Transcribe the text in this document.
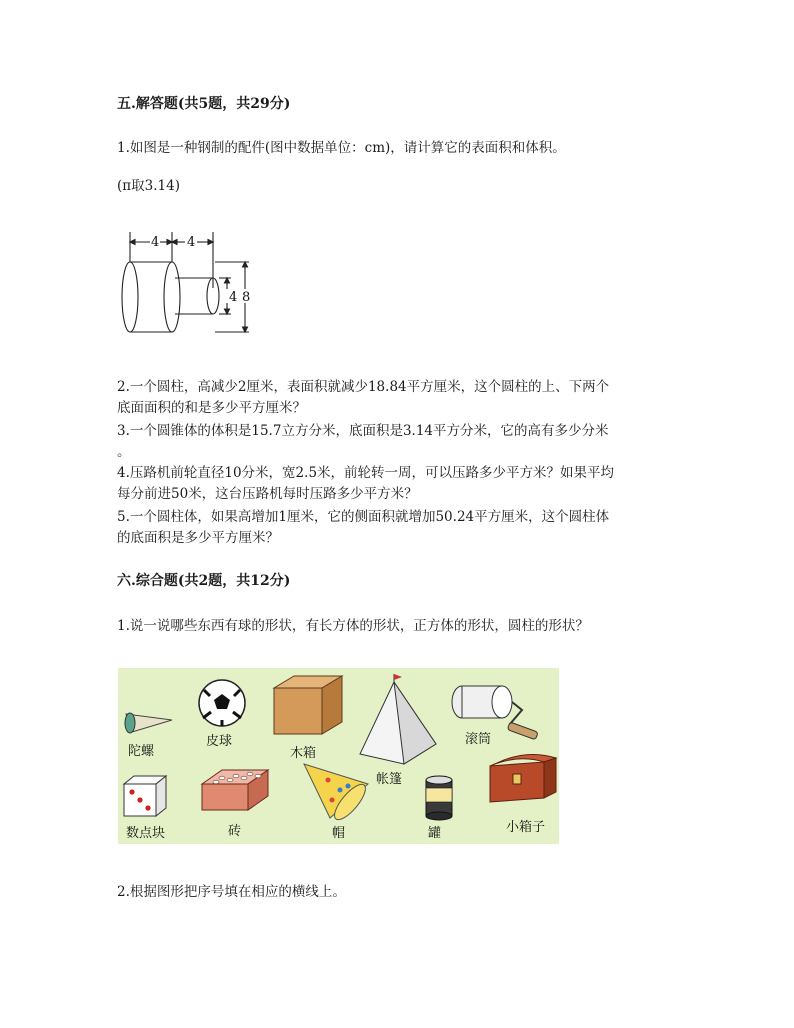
五.解答题(共5题，共29分)
1.如图是一种钢制的配件(图中数据单位：cm)，请计算它的表面积和体积。
(π取3.14)
4 4
4 8
2.一个圆柱，高减少2厘米，表面积就减少18.84平方厘米，这个圆柱的上、下两个
底面面积的和是多少平方厘米？
3.一个圆锥体的体积是15.7立方分米，底面积是3.14平方分米，它的高有多少分米
。
4.压路机前轮直径10分米，宽2.5米，前轮转一周，可以压路多少平方米？如果平均
每分前进50米，这台压路机每时压路多少平方米？
5.一个圆柱体，如果高增加1厘米，它的侧面积就增加50.24平方厘米，这个圆柱体
的底面积是多少平方厘米？
六.综合题(共2题，共12分)
1.说一说哪些东西有球的形状，有长方体的形状，正方体的形状，圆柱的形状？
陀螺
皮球
木箱
帐篷
滚筒
数点块	砖	帽	罐	小箱子
2.根据图形把序号填在相应的横线上。
